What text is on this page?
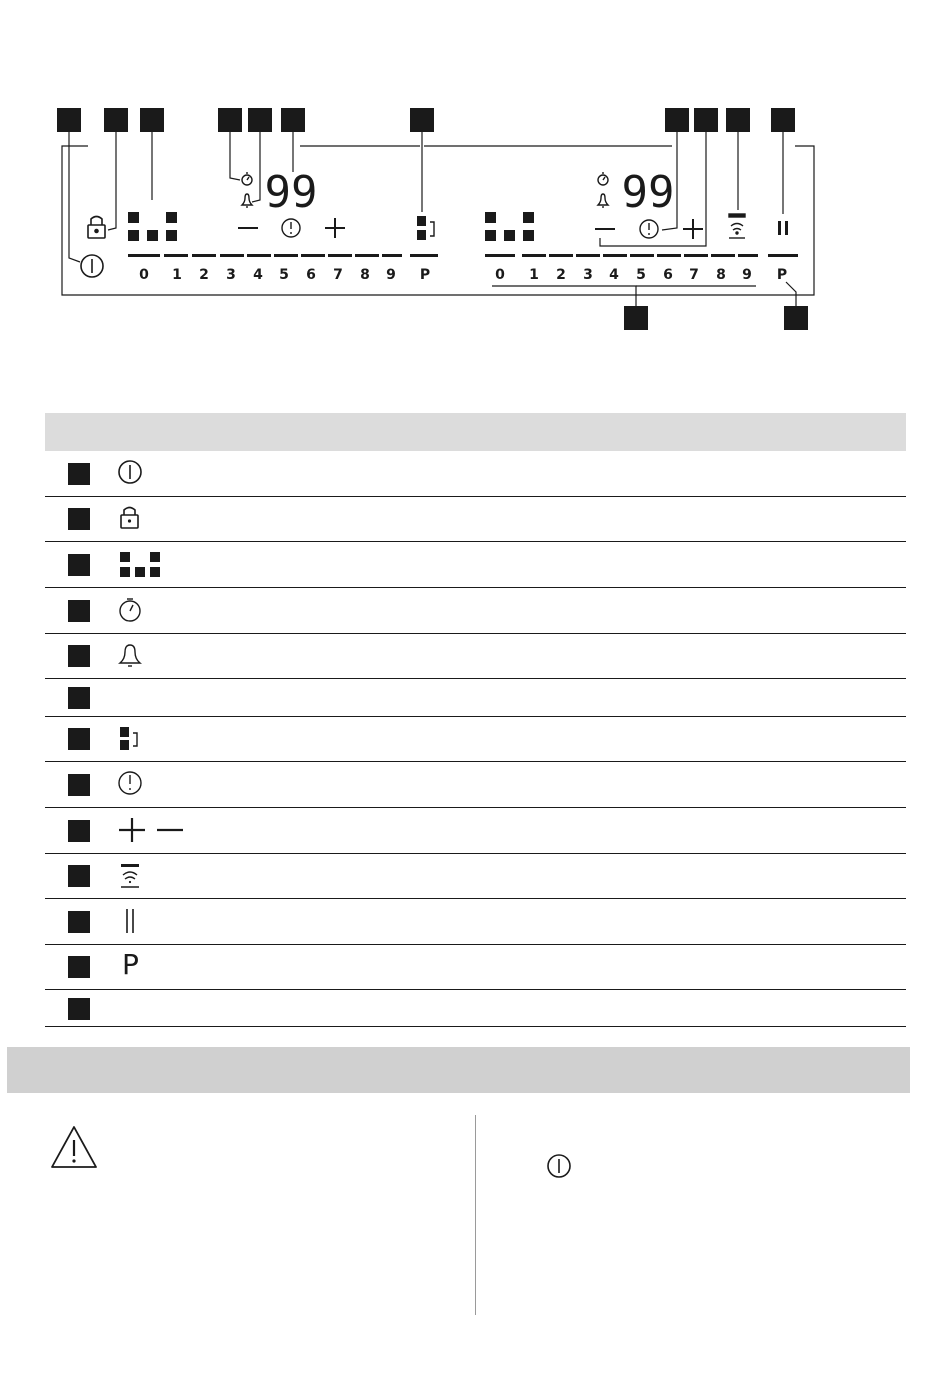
99	99
0 1 2 3 4 5 6 7 8 9 P	0 1 2 3 4 5 6 7 8 9 P
P
